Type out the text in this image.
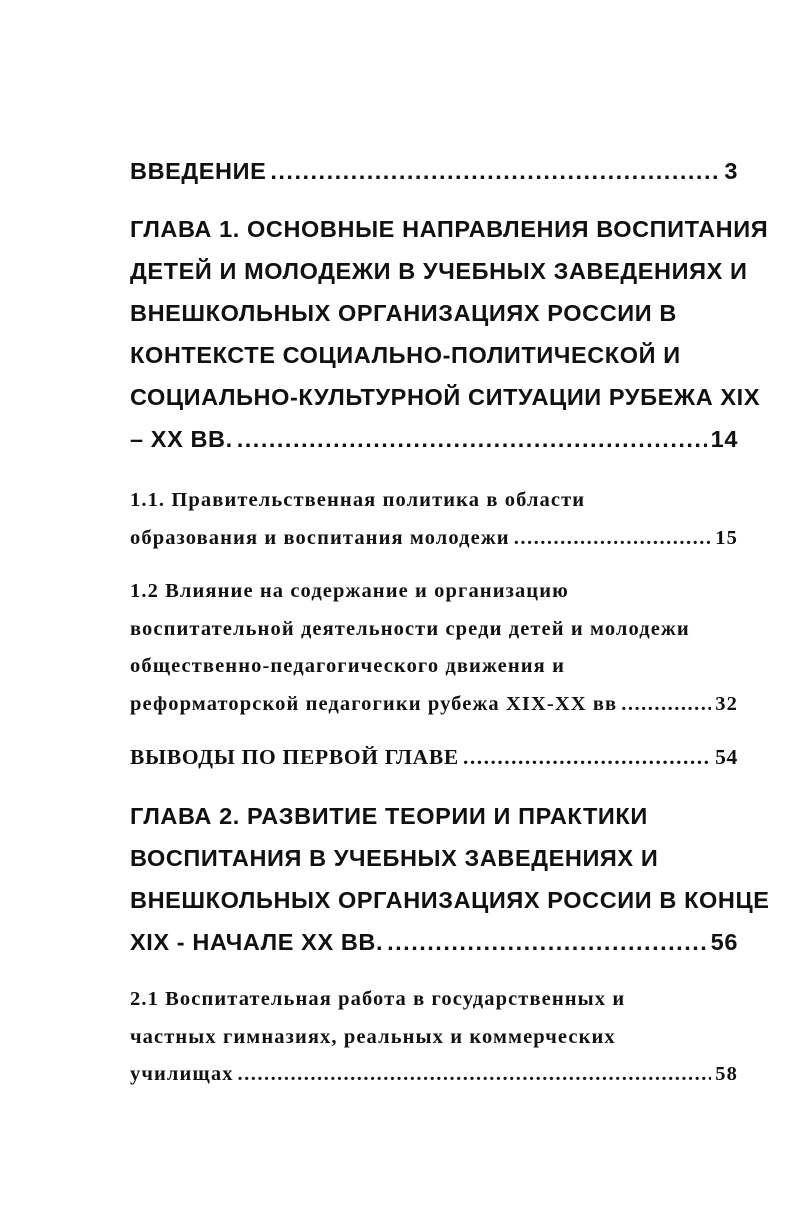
ВВЕДЕНИЕ .....	3
ГЛАВА 1. ОСНОВНЫЕ НАПРАВЛЕНИЯ ВОСПИТАНИЯ
ДЕТЕЙ И МОЛОДЕЖИ В УЧЕБНЫХ ЗАВЕДЕНИЯХ И
ВНЕШКОЛЬНЫХ ОРГАНИЗАЦИЯХ РОССИИ В
КОНТЕКСТЕ СОЦИАЛЬНО-ПОЛИТИЧЕСКОЙ И
СОЦИАЛЬНО-КУЛЬТУРНОЙ СИТУАЦИИ РУБЕЖА XIX
– XX ВВ. .....	14
1.1. Правительственная политика в области
образования и воспитания молодежи .....	15
1.2 Влияние на содержание и организацию
воспитательной деятельности среди детей и молодежи
общественно-педагогического движения и
реформаторской педагогики рубежа XIX-XX вв .....	32
ВЫВОДЫ ПО ПЕРВОЙ ГЛАВЕ .....	54
ГЛАВА 2. РАЗВИТИЕ ТЕОРИИ И ПРАКТИКИ
ВОСПИТАНИЯ В УЧЕБНЫХ ЗАВЕДЕНИЯХ И
ВНЕШКОЛЬНЫХ ОРГАНИЗАЦИЯХ РОССИИ В КОНЦЕ
XIX - НАЧАЛЕ XX ВВ. .....	56
2.1 Воспитательная работа в государственных и
частных гимназиях, реальных и коммерческих
училищах .....	58
